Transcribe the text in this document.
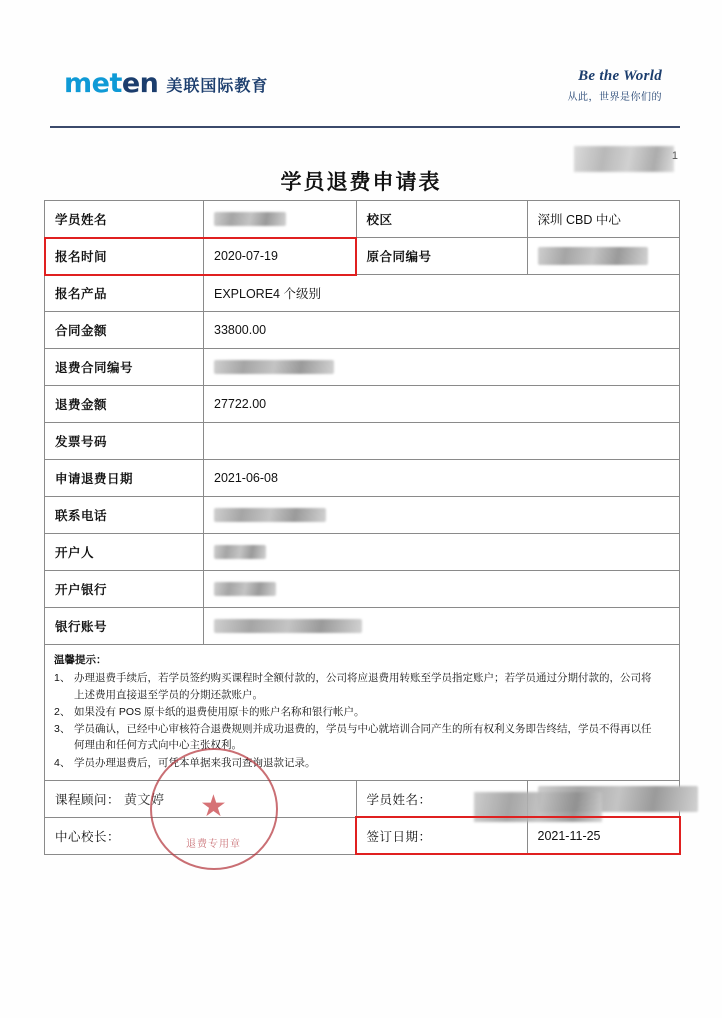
meten 美联国际教育
Be the World
从此，世界是你们的
1
学员退费申请表
学员姓名		校区	深圳 CBD 中心
报名时间	2020-07-19	原合同编号	
报名产品	EXPLORE4 个级别		
合同金额	33800.00		
退费合同编号			
退费金额	27722.00		
发票号码			
申请退费日期	2021-06-08		
联系电话			
开户人			
开户银行			
银行账号			

温馨提示：
1、 办理退费手续后，若学员签约购买课程时全额付款的，公司将应退费用转账至学员指定账户；若学员通过分期付款的，公司将
上述费用直接退至学员的分期还款账户。
2、 如果没有 POS 原卡纸的退费使用原卡的账户名称和银行帐户。
3、 学员确认，已经中心审核符合退费规则并成功退费的，学员与中心就培训合同产生的所有权利义务即告终结，学员不得再以任
何理由和任何方式向中心主张权利。
4、 学员办理退费后，可凭本单据来我司查询退款记录。

课程顾问： 黄文婷		学员姓名：	
中心校长：		签订日期：	2021-11-25
★
退费专用章
